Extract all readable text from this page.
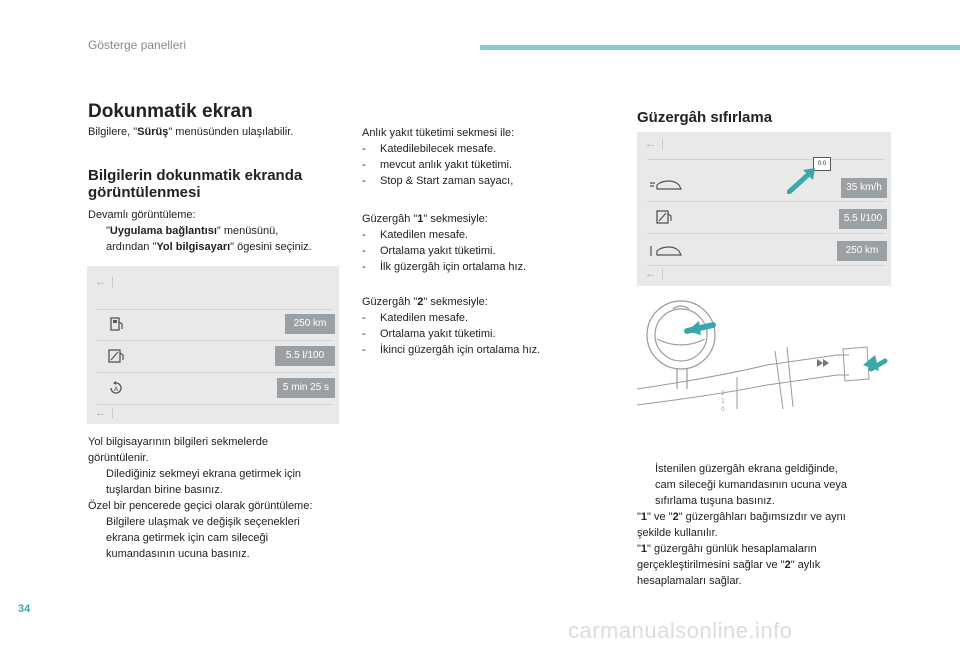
Gösterge panelleri
Dokunmatik ekran
Bilgilere, "Sürüş" menüsünden ulaşılabilir.
Bilgilerin dokunmatik ekranda
görüntülenmesi
Devamlı görüntüleme:
"Uygulama bağlantısı" menüsünü,
ardından "Yol bilgisayarı" ögesini seçiniz.
← |
250 km
5.5 l/100
A	5 min 25 s
← |
Yol bilgisayarının bilgileri sekmelerde
görüntülenir.
Dilediğiniz sekmeyi ekrana getirmek için
tuşlardan birine basınız.
Özel bir pencerede geçici olarak görüntüleme:
Bilgilere ulaşmak ve değişik seçenekleri
ekrana getirmek için cam sileceği
kumandasının ucuna basınız.
Anlık yakıt tüketimi sekmesi ile:
-	Katedilebilecek mesafe.
-	mevcut anlık yakıt tüketimi.
-	Stop & Start zaman sayacı,
Güzergâh "1" sekmesiyle:
-	Katedilen mesafe.
-	Ortalama yakıt tüketimi.
-	İlk güzergâh için ortalama hız.
Güzergâh "2" sekmesiyle:
-	Katedilen mesafe.
-	Ortalama yakıt tüketimi.
-	İkinci güzergâh için ortalama hız.
Güzergâh sıfırlama
← |
0.0
35 km/h
5.5 l/100
250 km
← |
2
1
0
İstenilen güzergâh ekrana geldiğinde,
cam sileceği kumandasının ucuna veya
sıfırlama tuşuna basınız.
"1" ve "2" güzergâhları bağımsızdır ve aynı
şekilde kullanılır.
"1" güzergâhı günlük hesaplamaların
gerçekleştirilmesini sağlar ve "2" aylık
hesaplamaları sağlar.
34
carmanualsonline.info
